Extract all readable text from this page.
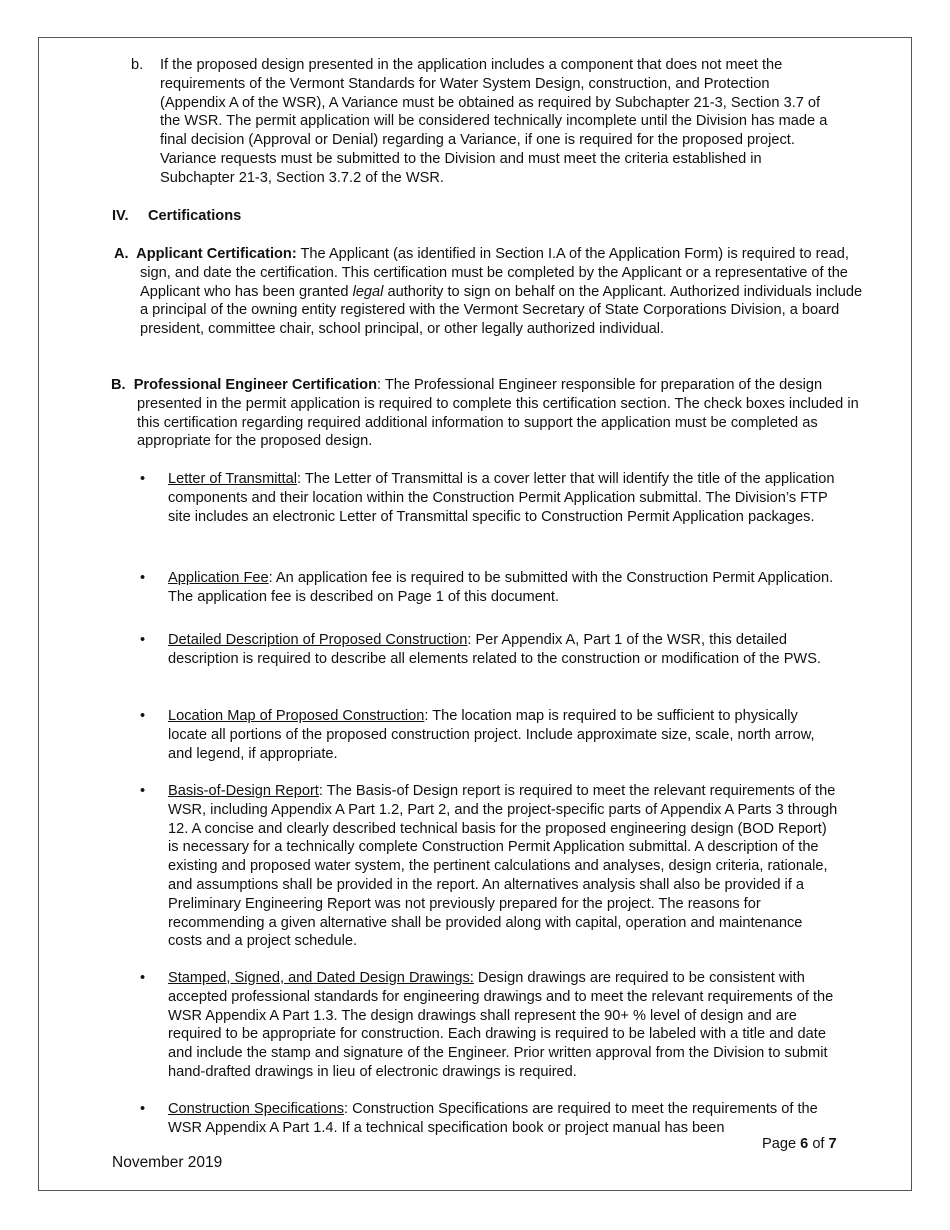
b. If the proposed design presented in the application includes a component that does not meet the requirements of the Vermont Standards for Water System Design, construction, and Protection (Appendix A of the WSR), A Variance must be obtained as required by Subchapter 21-3, Section 3.7 of the WSR. The permit application will be considered technically incomplete until the Division has made a final decision (Approval or Denial) regarding a Variance, if one is required for the proposed project. Variance requests must be submitted to the Division and must meet the criteria established in Subchapter 21-3, Section 3.7.2 of the WSR.
IV. Certifications
A. Applicant Certification: The Applicant (as identified in Section I.A of the Application Form) is required to read, sign, and date the certification. This certification must be completed by the Applicant or a representative of the Applicant who has been granted legal authority to sign on behalf on the Applicant. Authorized individuals include a principal of the owning entity registered with the Vermont Secretary of State Corporations Division, a board president, committee chair, school principal, or other legally authorized individual.
B. Professional Engineer Certification: The Professional Engineer responsible for preparation of the design presented in the permit application is required to complete this certification section. The check boxes included in this certification regarding required additional information to support the application must be completed as appropriate for the proposed design.
• Letter of Transmittal: The Letter of Transmittal is a cover letter that will identify the title of the application components and their location within the Construction Permit Application submittal. The Division’s FTP site includes an electronic Letter of Transmittal specific to Construction Permit Application packages.
• Application Fee: An application fee is required to be submitted with the Construction Permit Application. The application fee is described on Page 1 of this document.
• Detailed Description of Proposed Construction: Per Appendix A, Part 1 of the WSR, this detailed description is required to describe all elements related to the construction or modification of the PWS.
• Location Map of Proposed Construction: The location map is required to be sufficient to physically locate all portions of the proposed construction project. Include approximate size, scale, north arrow, and legend, if appropriate.
• Basis-of-Design Report: The Basis-of Design report is required to meet the relevant requirements of the WSR, including Appendix A Part 1.2, Part 2, and the project-specific parts of Appendix A Parts 3 through 12. A concise and clearly described technical basis for the proposed engineering design (BOD Report) is necessary for a technically complete Construction Permit Application submittal. A description of the existing and proposed water system, the pertinent calculations and analyses, design criteria, rationale, and assumptions shall be provided in the report. An alternatives analysis shall also be provided if a Preliminary Engineering Report was not previously prepared for the project. The reasons for recommending a given alternative shall be provided along with capital, operation and maintenance costs and a project schedule.
• Stamped, Signed, and Dated Design Drawings: Design drawings are required to be consistent with accepted professional standards for engineering drawings and to meet the relevant requirements of the WSR Appendix A Part 1.3. The design drawings shall represent the 90+ % level of design and are required to be appropriate for construction. Each drawing is required to be labeled with a title and date and include the stamp and signature of the Engineer. Prior written approval from the Division to submit hand-drafted drawings in lieu of electronic drawings is required.
• Construction Specifications: Construction Specifications are required to meet the requirements of the WSR Appendix A Part 1.4. If a technical specification book or project manual has been
Page 6 of 7
November 2019
